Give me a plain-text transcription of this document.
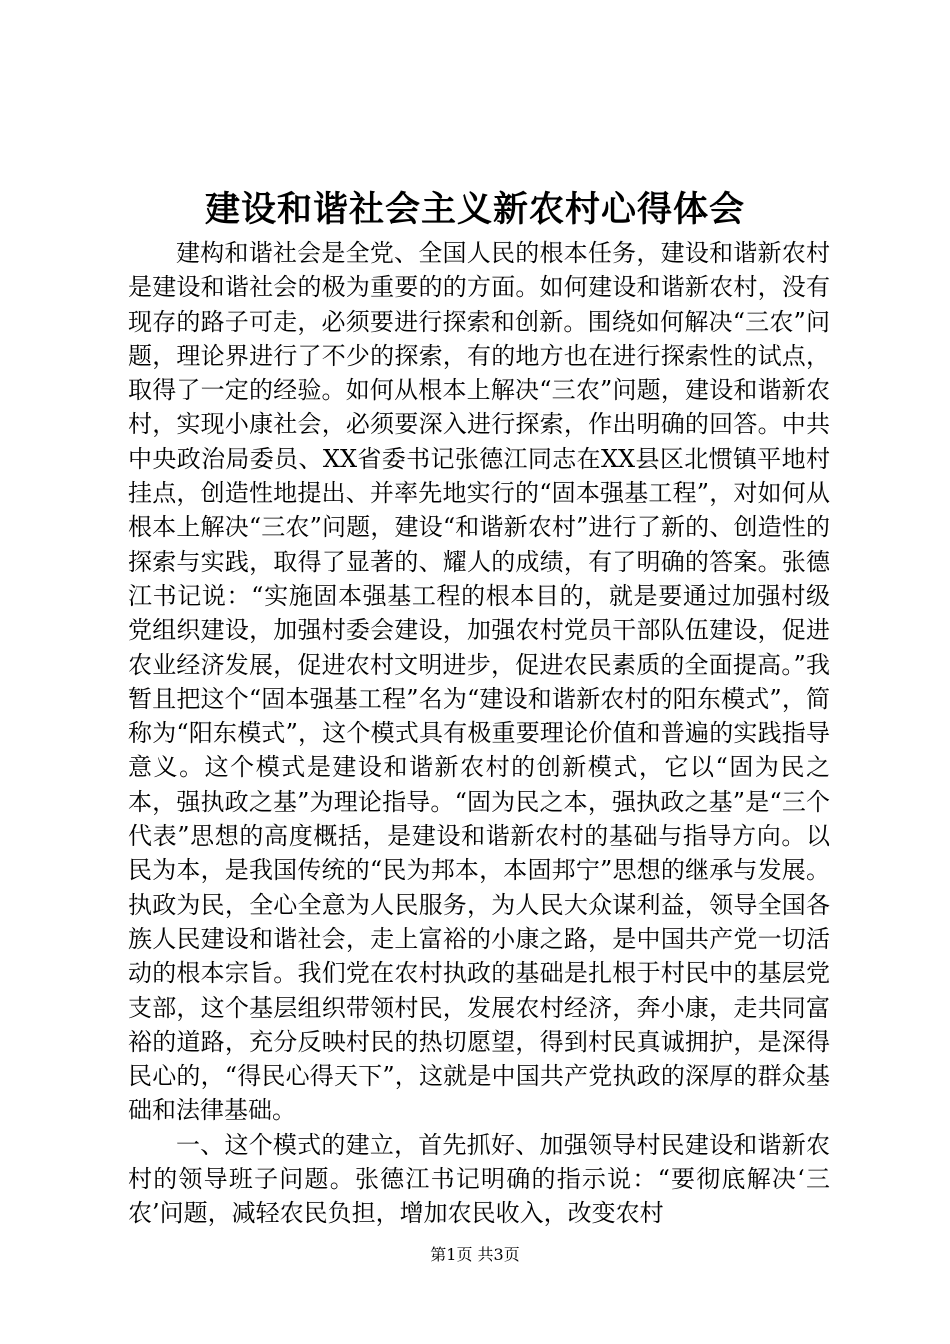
建设和谐社会主义新农村心得体会

建构和谐社会是全党、全国人民的根本任务，建设和谐新农村是建设和谐社会的极为重要的的方面。如何建设和谐新农村，没有现存的路子可走，必须要进行探索和创新。围绕如何解决“三农”问题，理论界进行了不少的探索，有的地方也在进行探索性的试点，取得了一定的经验。如何从根本上解决“三农”问题，建设和谐新农村，实现小康社会，必须要深入进行探索，作出明确的回答。中共中央政治局委员、XX省委书记张德江同志在XX县区北惯镇平地村挂点，创造性地提出、并率先地实行的“固本强基工程”，对如何从根本上解决“三农”问题，建设“和谐新农村”进行了新的、创造性的探索与实践，取得了显著的、耀人的成绩，有了明确的答案。张德江书记说：“实施固本强基工程的根本目的，就是要通过加强村级党组织建设，加强村委会建设，加强农村党员干部队伍建设，促进农业经济发展，促进农村文明进步，促进农民素质的全面提高。”我暂且把这个“固本强基工程”名为“建设和谐新农村的阳东模式”，简称为“阳东模式”，这个模式具有极重要理论价值和普遍的实践指导意义。这个模式是建设和谐新农村的创新模式，它以“固为民之本，强执政之基”为理论指导。“固为民之本，强执政之基”是“三个代表”思想的高度概括，是建设和谐新农村的基础与指导方向。以民为本，是我国传统的“民为邦本，本固邦宁”思想的继承与发展。执政为民，全心全意为人民服务，为人民大众谋利益，领导全国各族人民建设和谐社会，走上富裕的小康之路，是中国共产党一切活动的根本宗旨。我们党在农村执政的基础是扎根于村民中的基层党支部，这个基层组织带领村民，发展农村经济，奔小康，走共同富裕的道路，充分反映村民的热切愿望，得到村民真诚拥护，是深得民心的，“得民心得天下”，这就是中国共产党执政的深厚的群众基础和法律基础。

一、这个模式的建立，首先抓好、加强领导村民建设和谐新农村的领导班子问题。张德江书记明确的指示说：“要彻底解决‘三农’问题，减轻农民负担，增加农民收入，改变农村

第1页 共3页
